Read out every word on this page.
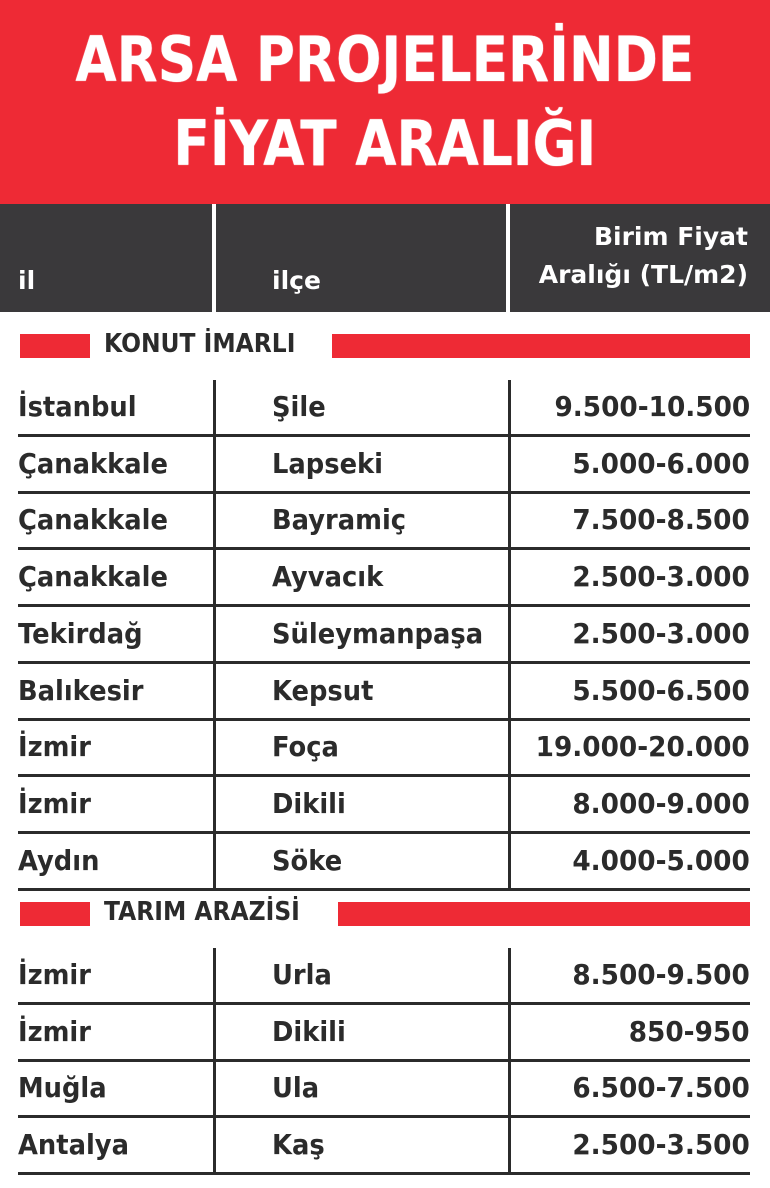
ARSA PROJELERİNDE
FİYAT ARALIĞI
il	ilçe
Birim Fiyat
Aralığı (TL/m2)
KONUT İMARLI
İstanbul	Şile	9.500-10.500
Çanakkale	Lapseki	5.000-6.000
Çanakkale	Bayramiç	7.500-8.500
Çanakkale	Ayvacık	2.500-3.000
Tekirdağ	Süleymanpaşa	2.500-3.000
Balıkesir	Kepsut	5.500-6.500
İzmir	Foça	19.000-20.000
İzmir	Dikili	8.000-9.000
Aydın	Söke	4.000-5.000
TARIM ARAZİSİ
İzmir	Urla	8.500-9.500
İzmir	Dikili	850-950
Muğla	Ula	6.500-7.500
Antalya	Kaş	2.500-3.500
